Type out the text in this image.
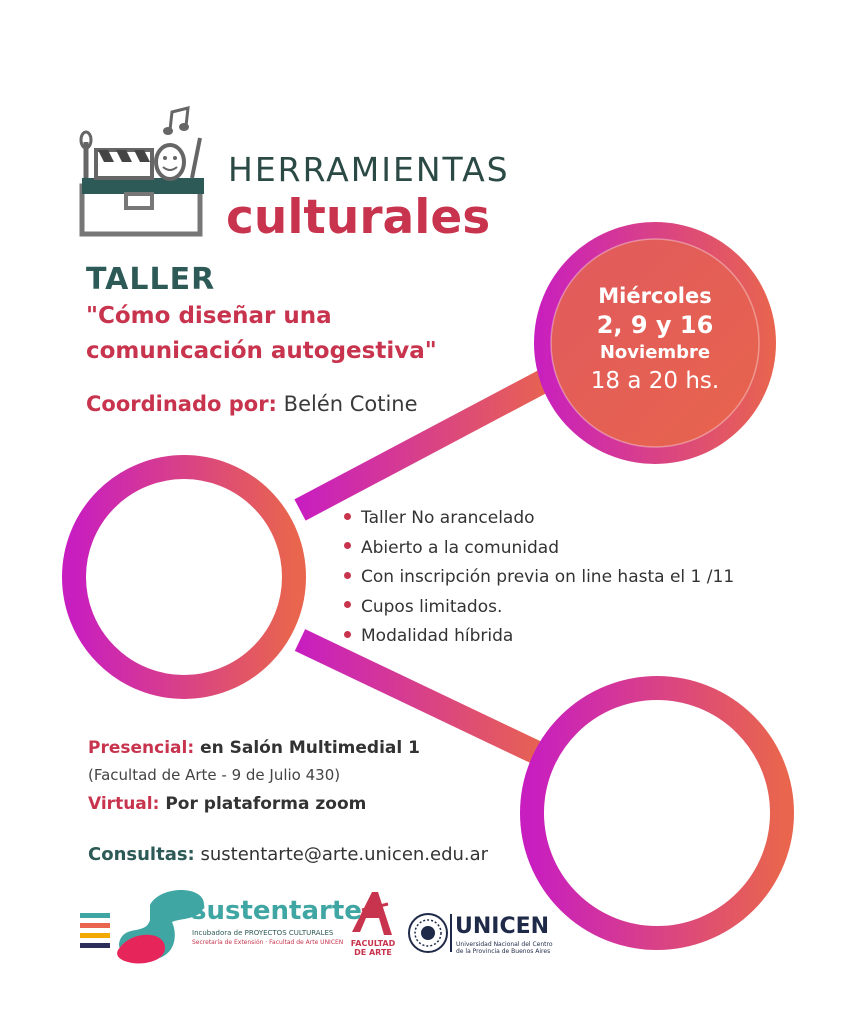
HERRAMIENTAS
culturales
TALLER
"Cómo diseñar una
comunicación autogestiva"
Coordinado por: Belén Cotine
Miércoles
2, 9 y 16
Noviembre
18 a 20 hs.
Taller No arancelado
Abierto a la comunidad
Con inscripción previa on line hasta el 1 /11
Cupos limitados.
Modalidad híbrida
Presencial: en Salón Multimedial 1
(Facultad de Arte - 9 de Julio 430)
Virtual: Por plataforma zoom
Consultas: sustentarte@arte.unicen.edu.ar
sustentarte
Incubadora de PROYECTOS CULTURALES
Secretaría de Extensión · Facultad de Arte UNICEN FACULTAD DE ARTE
UNICEN
Universidad Nacional del Centro
de la Provincia de Buenos Aires
